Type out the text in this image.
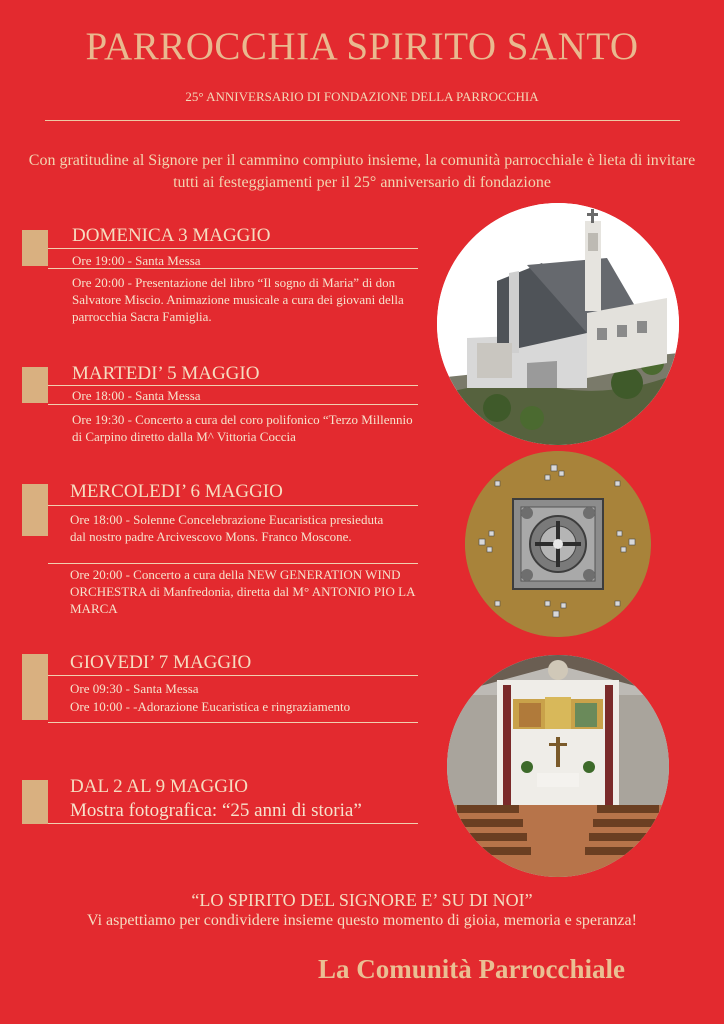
PARROCCHIA SPIRITO SANTO
25° ANNIVERSARIO DI FONDAZIONE DELLA PARROCCHIA
Con gratitudine al Signore per il cammino compiuto insieme, la comunità parrocchiale è lieta di invitare tutti ai festeggiamenti per il 25° anniversario di fondazione
DOMENICA 3 MAGGIO
Ore 19:00 - Santa Messa
Ore 20:00 - Presentazione del libro “Il sogno di Maria” di don Salvatore Miscio. Animazione musicale a cura dei giovani della parrocchia Sacra Famiglia.
MARTEDI’ 5 MAGGIO
Ore 18:00 - Santa Messa
Ore 19:30 - Concerto a cura del coro polifonico “Terzo Millennio di Carpino diretto dalla M^ Vittoria Coccia
MERCOLEDI’ 6 MAGGIO
Ore 18:00 - Solenne Concelebrazione Eucaristica presieduta dal nostro padre Arcivescovo Mons. Franco Moscone.
Ore 20:00 - Concerto a cura della NEW GENERATION WIND ORCHESTRA di Manfredonia, diretta dal M° ANTONIO PIO LA MARCA
GIOVEDI’ 7 MAGGIO
Ore 09:30 - Santa Messa
Ore 10:00 - -Adorazione Eucaristica e ringraziamento
DAL 2 AL 9 MAGGIO
Mostra fotografica: “25 anni di storia”
“LO SPIRITO DEL SIGNORE E’ SU DI NOI”
Vi aspettiamo per condividere insieme questo momento di gioia, memoria e speranza!
La Comunità Parrocchiale
